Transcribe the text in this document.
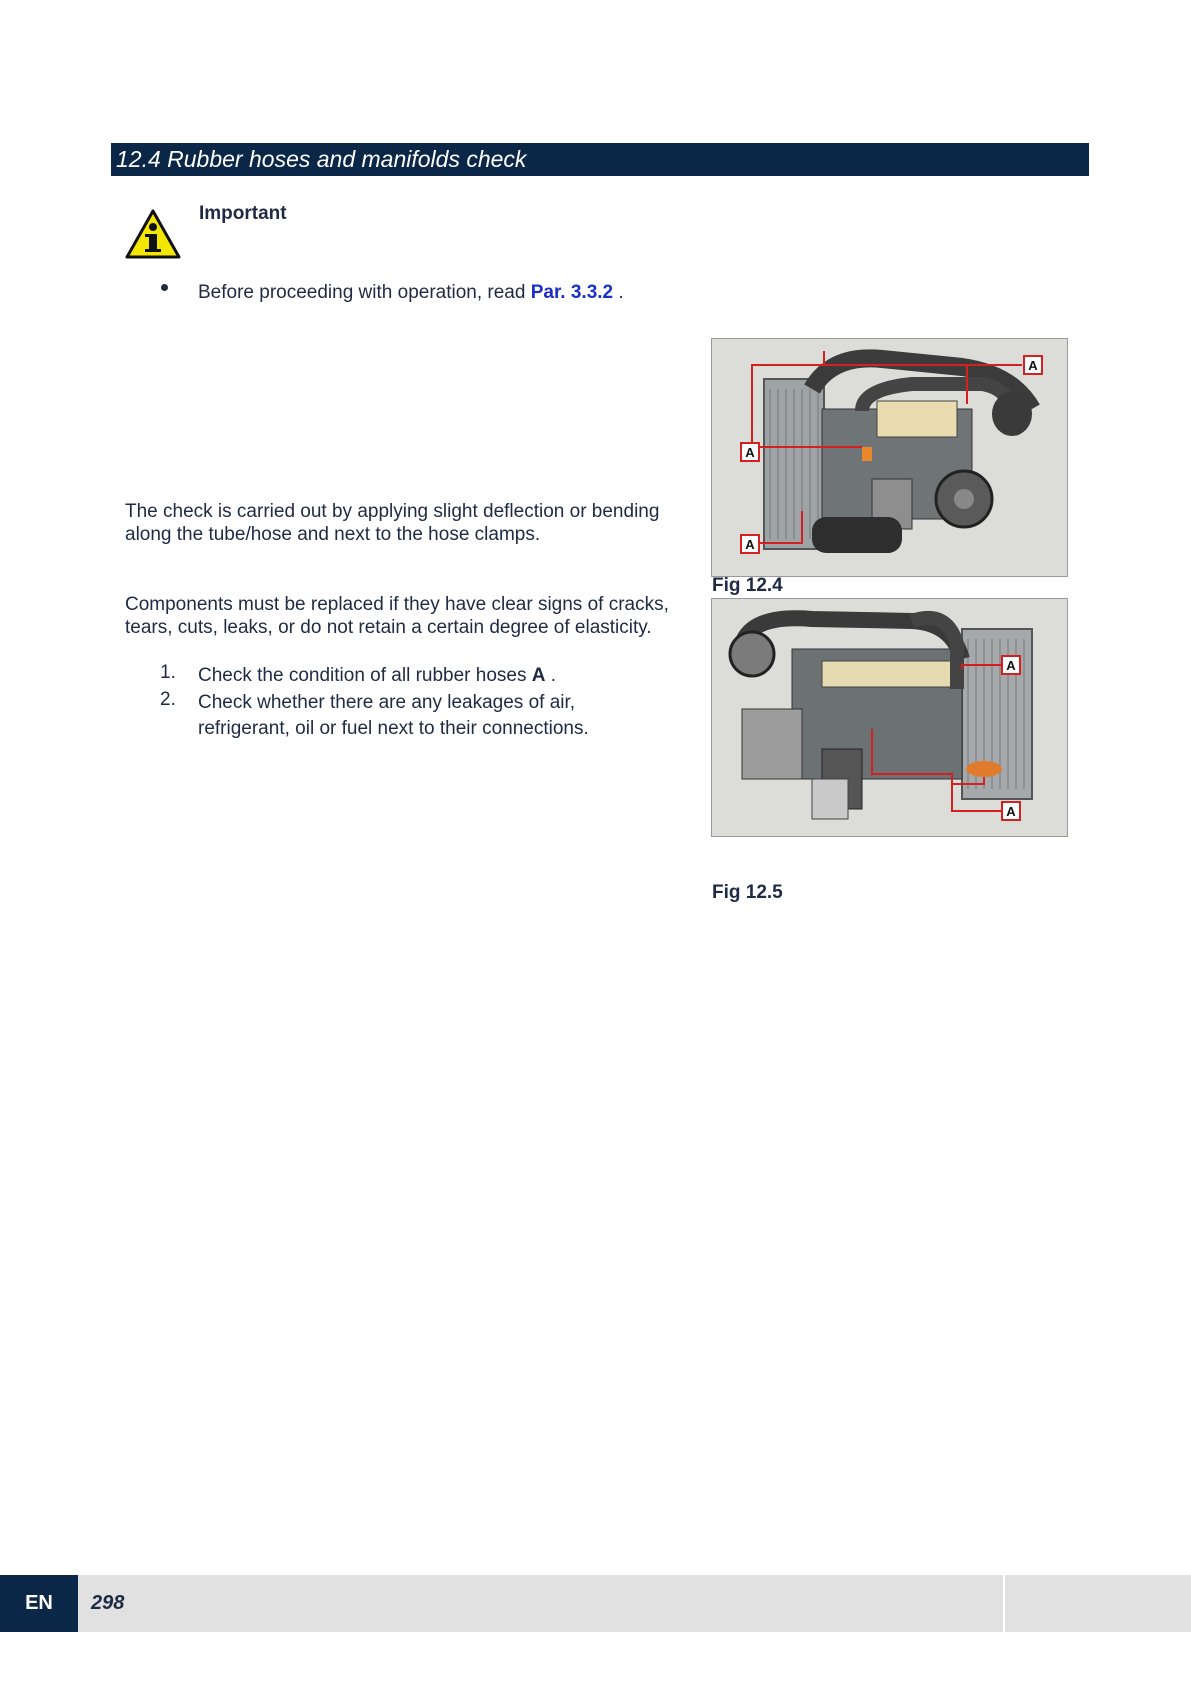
12.4 Rubber hoses and manifolds check
Important
Before proceeding with operation, read Par. 3.3.2 .
The check is carried out by applying slight deflection or bending along the tube/hose and next to the hose clamps.
Components must be replaced if they have clear signs of cracks, tears, cuts, leaks, or do not retain a certain degree of elasticity.
1.	Check the condition of all rubber hoses A .
2.	Check whether there are any leakages of air, refrigerant, oil or fuel next to their connections.
A
A
A
Fig 12.4
A
A
Fig 12.5
EN	298
